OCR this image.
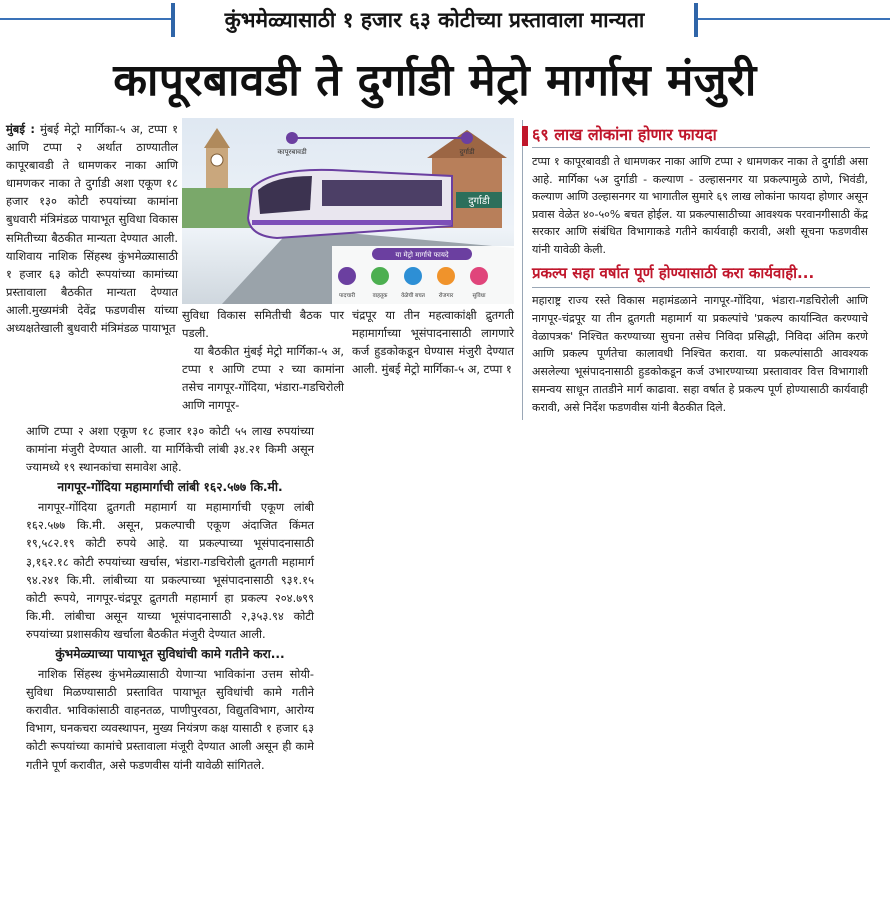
कुंभमेळ्यासाठी १ हजार ६३ कोटीच्या प्रस्तावाला मान्यता
कापूरबावडी ते दुर्गाडी मेट्रो मार्गास मंजुरी

मुंबई : मुंबई मेट्रो मार्गिका-५ अ, टप्पा १ आणि टप्पा २ अर्थात ठाण्यातील कापूरबावडी ते धामणकर नाका आणि धामणकर नाका ते दुर्गाडी अशा एकूण १८ हजार १३० कोटी रुपयांच्या कामांना बुधवारी मंत्रिमंडळ पायाभूत सुविधा विकास समितीच्या बैठकीत मान्यता देण्यात आली. याशिवाय नाशिक सिंहस्थ कुंभमेळ्यासाठी १ हजार ६३ कोटी रूपयांच्या कामांच्या प्रस्तावाला बैठकीत मान्यता देण्यात आली.मुख्यमंत्री देवेंद्र फडणवीस यांच्या अध्यक्षतेखाली बुधवारी मंत्रिमंडळ पायाभूत

दुर्गाडी
कापूरबावडी	दुर्गाडी
या मेट्रो मार्गाचे फायदे
पादचारी	वाहतूक	वेळेची बचत	रोजगार	सुविधा

सुविधा विकास समितीची बैठक पार पडली.

या बैठकीत मुंबई मेट्रो मार्गिका-५ अ, टप्पा १ आणि टप्पा २ च्या कामांना तसेच नागपूर-गोंदिया, भंडारा-गडचिरोली आणि नागपूर-

चंद्रपूर या तीन महत्वाकांक्षी द्रुतगती महामार्गाच्या भूसंपादनासाठी लागणारे कर्ज हुडकोकडून घेण्यास मंजुरी देण्यात आली. मुंबई मेट्रो मार्गिका-५ अ, टप्पा १

आणि टप्पा २ अशा एकूण १८ हजार १३० कोटी ५५ लाख रुपयांच्या कामांना मंजुरी देण्यात आली. या मार्गिकेची लांबी ३४.२१ किमी असून ज्यामध्ये १९ स्थानकांचा समावेश आहे.

नागपूर-गोंदिया महामार्गाची लांबी १६२.५७७ कि.मी.

नागपूर-गोंदिया द्रुतगती महामार्ग या महामार्गाची एकूण लांबी १६२.५७७ कि.मी. असून, प्रकल्पाची एकूण अंदाजित किंमत १९,५८२.१९ कोटी रुपये आहे. या प्रकल्पाच्या भूसंपादनासाठी ३,१६२.१८ कोटी रुपयांच्या खर्चास, भंडारा-गडचिरोली द्रुतगती महामार्ग ९४.२४१ कि.मी. लांबीच्या या प्रकल्पाच्या भूसंपादनासाठी ९३१.१५ कोटी रूपये, नागपूर-चंद्रपूर द्रुतगती महामार्ग हा प्रकल्प २०४.७९९ कि.मी. लांबीचा असून याच्या भूसंपादनासाठी २,३५३.९४ कोटी रुपयांच्या प्रशासकीय खर्चाला बैठकीत मंजुरी देण्यात आली.

कुंभमेळ्याच्या पायाभूत सुविधांची कामे गतीने करा...

नाशिक सिंहस्थ कुंभमेळ्यासाठी येणाऱ्या भाविकांना उत्तम सोयी-सुविधा मिळण्यासाठी प्रस्तावित पायाभूत सुविधांची कामे गतीने करावीत. भाविकांसाठी वाहनतळ, पाणीपुरवठा, विद्युतविभाग, आरोग्य विभाग, घनकचरा व्यवस्थापन, मुख्य नियंत्रण कक्ष यासाठी १ हजार ६३ कोटी रूपयांच्या कामांचे प्रस्तावाला मंजूरी देण्यात आली असून ही कामे गतीने पूर्ण करावीत, असे फडणवीस यांनी यावेळी सांगितले.

६९ लाख लोकांना होणार फायदा
टप्पा १ कापूरबावडी ते धामणकर नाका आणि टप्पा २ धामणकर नाका ते दुर्गाडी असा आहे. मार्गिका ५अ दुर्गाडी - कल्याण - उल्हासनगर या प्रकल्पामुळे ठाणे, भिवंडी, कल्याण आणि उल्हासनगर या भागातील सुमारे ६९ लाख लोकांना फायदा होणार असून प्रवास वेळेत ४०-५०% बचत होईल. या प्रकल्पासाठीच्या आवश्यक परवानगीसाठी केंद्र सरकार आणि संबंधित विभागाकडे गतीने कार्यवाही करावी, अशी सूचना फडणवीस यांनी यावेळी केली.
प्रकल्प सहा वर्षात पूर्ण होण्यासाठी करा कार्यवाही...
महाराष्ट्र राज्य रस्ते विकास महामंडळाने नागपूर-गोंदिया, भंडारा-गडचिरोली आणि नागपूर-चंद्रपूर या तीन द्रुतगती महामार्ग या प्रकल्पांचे 'प्रकल्प कार्यान्वित करण्याचे वेळापत्रक' निश्चित करण्याच्या सुचना तसेच निविदा प्रसिद्धी, निविदा अंतिम करणे आणि प्रकल्प पूर्णतेचा कालावधी निश्चित करावा. या प्रकल्पांसाठी आवश्यक असलेल्या भूसंपादनासाठी हुडकोकडून कर्ज उभारण्याच्या प्रस्तावावर वित्त विभागाशी समन्वय साधून तातडीने मार्ग काढावा. सहा वर्षात हे प्रकल्प पूर्ण होण्यासाठी कार्यवाही करावी, असे निर्देश फडणवीस यांनी बैठकीत दिले.
